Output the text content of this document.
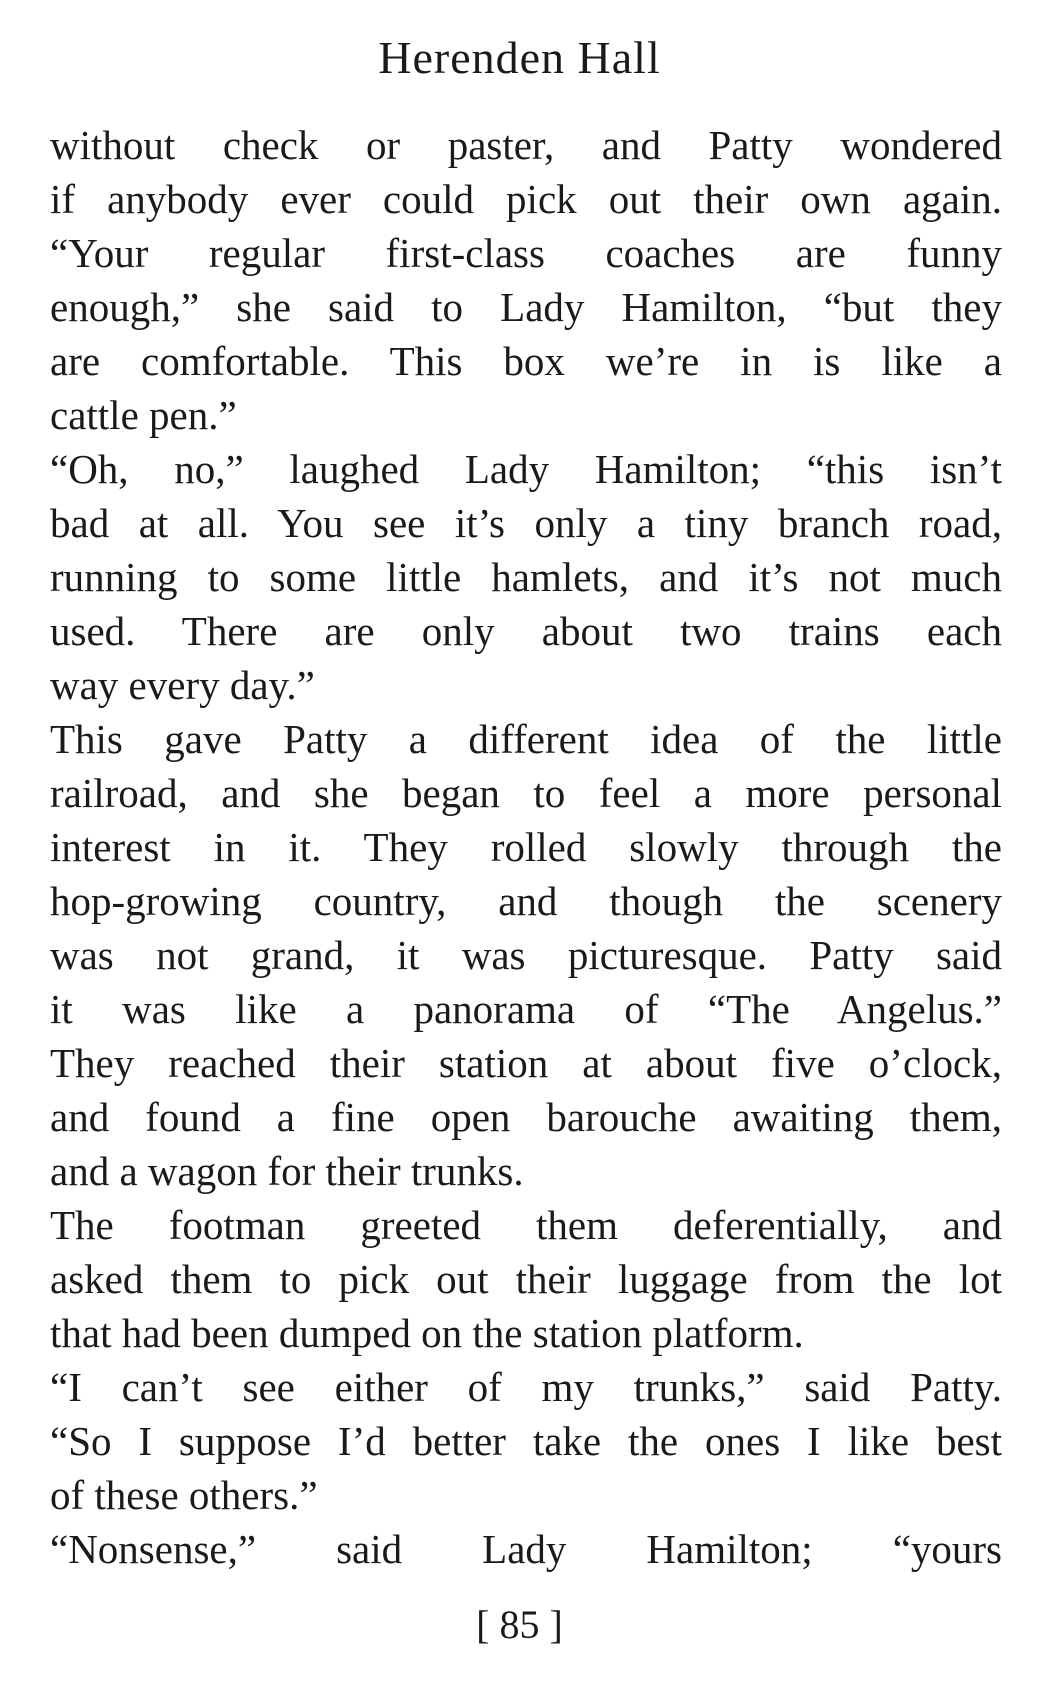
Herenden Hall
without check or paster, and Patty wondered
if anybody ever could pick out their own again.
“Your regular first-class coaches are funny
enough,” she said to Lady Hamilton, “but they
are comfortable. This box we’re in is like a
cattle pen.”
“Oh, no,” laughed Lady Hamilton; “this isn’t
bad at all. You see it’s only a tiny branch road,
running to some little hamlets, and it’s not much
used. There are only about two trains each
way every day.”
This gave Patty a different idea of the little
railroad, and she began to feel a more personal
interest in it. They rolled slowly through the
hop-growing country, and though the scenery
was not grand, it was picturesque. Patty said
it was like a panorama of “The Angelus.”
They reached their station at about five o’clock,
and found a fine open barouche awaiting them,
and a wagon for their trunks.
The footman greeted them deferentially, and
asked them to pick out their luggage from the lot
that had been dumped on the station platform.
“I can’t see either of my trunks,” said Patty.
“So I suppose I’d better take the ones I like best
of these others.”
“Nonsense,” said Lady Hamilton; “yours
[ 85 ]
